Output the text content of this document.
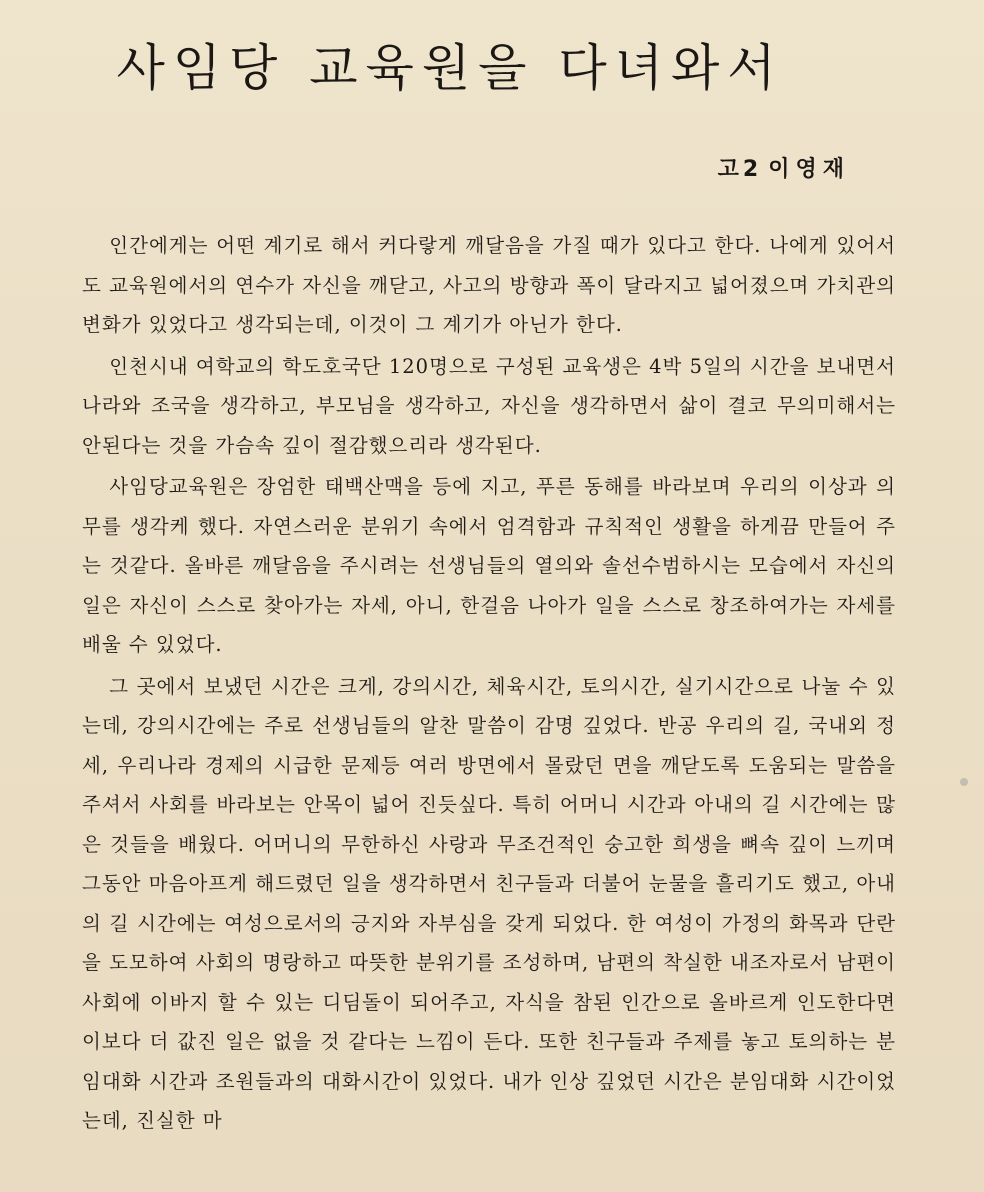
사임당 교육원을 다녀와서
고2 이영재

인간에게는 어떤 계기로 해서 커다랗게 깨달음을 가질 때가 있다고 한다. 나에게 있어서도 교육원에서의 연수가 자신을 깨닫고, 사고의 방향과 폭이 달라지고 넓어졌으며 가치관의 변화가 있었다고 생각되는데, 이것이 그 계기가 아닌가 한다.

인천시내 여학교의 학도호국단 120명으로 구성된 교육생은 4박 5일의 시간을 보내면서 나라와 조국을 생각하고, 부모님을 생각하고, 자신을 생각하면서 삶이 결코 무의미해서는 안된다는 것을 가슴속 깊이 절감했으리라 생각된다.

사임당교육원은 장엄한 태백산맥을 등에 지고, 푸른 동해를 바라보며 우리의 이상과 의무를 생각케 했다. 자연스러운 분위기 속에서 엄격함과 규칙적인 생활을 하게끔 만들어 주는 것같다. 올바른 깨달음을 주시려는 선생님들의 열의와 솔선수범하시는 모습에서 자신의 일은 자신이 스스로 찾아가는 자세, 아니, 한걸음 나아가 일을 스스로 창조하여가는 자세를 배울 수 있었다.

그 곳에서 보냈던 시간은 크게, 강의시간, 체육시간, 토의시간, 실기시간으로 나눌 수 있는데, 강의시간에는 주로 선생님들의 알찬 말씀이 감명 깊었다. 반공 우리의 길, 국내외 정세, 우리나라 경제의 시급한 문제등 여러 방면에서 몰랐던 면을 깨닫도록 도움되는 말씀을 주셔서 사회를 바라보는 안목이 넓어 진듯싶다. 특히 어머니 시간과 아내의 길 시간에는 많은 것들을 배웠다. 어머니의 무한하신 사랑과 무조건적인 숭고한 희생을 뼈속 깊이 느끼며 그동안 마음아프게 해드렸던 일을 생각하면서 친구들과 더불어 눈물을 흘리기도 했고, 아내의 길 시간에는 여성으로서의 긍지와 자부심을 갖게 되었다. 한 여성이 가정의 화목과 단란을 도모하여 사회의 명랑하고 따뜻한 분위기를 조성하며, 남편의 착실한 내조자로서 남편이 사회에 이바지 할 수 있는 디딤돌이 되어주고, 자식을 참된 인간으로 올바르게 인도한다면 이보다 더 값진 일은 없을 것 같다는 느낌이 든다. 또한 친구들과 주제를 놓고 토의하는 분임대화 시간과 조원들과의 대화시간이 있었다. 내가 인상 깊었던 시간은 분임대화 시간이었는데, 진실한 마
